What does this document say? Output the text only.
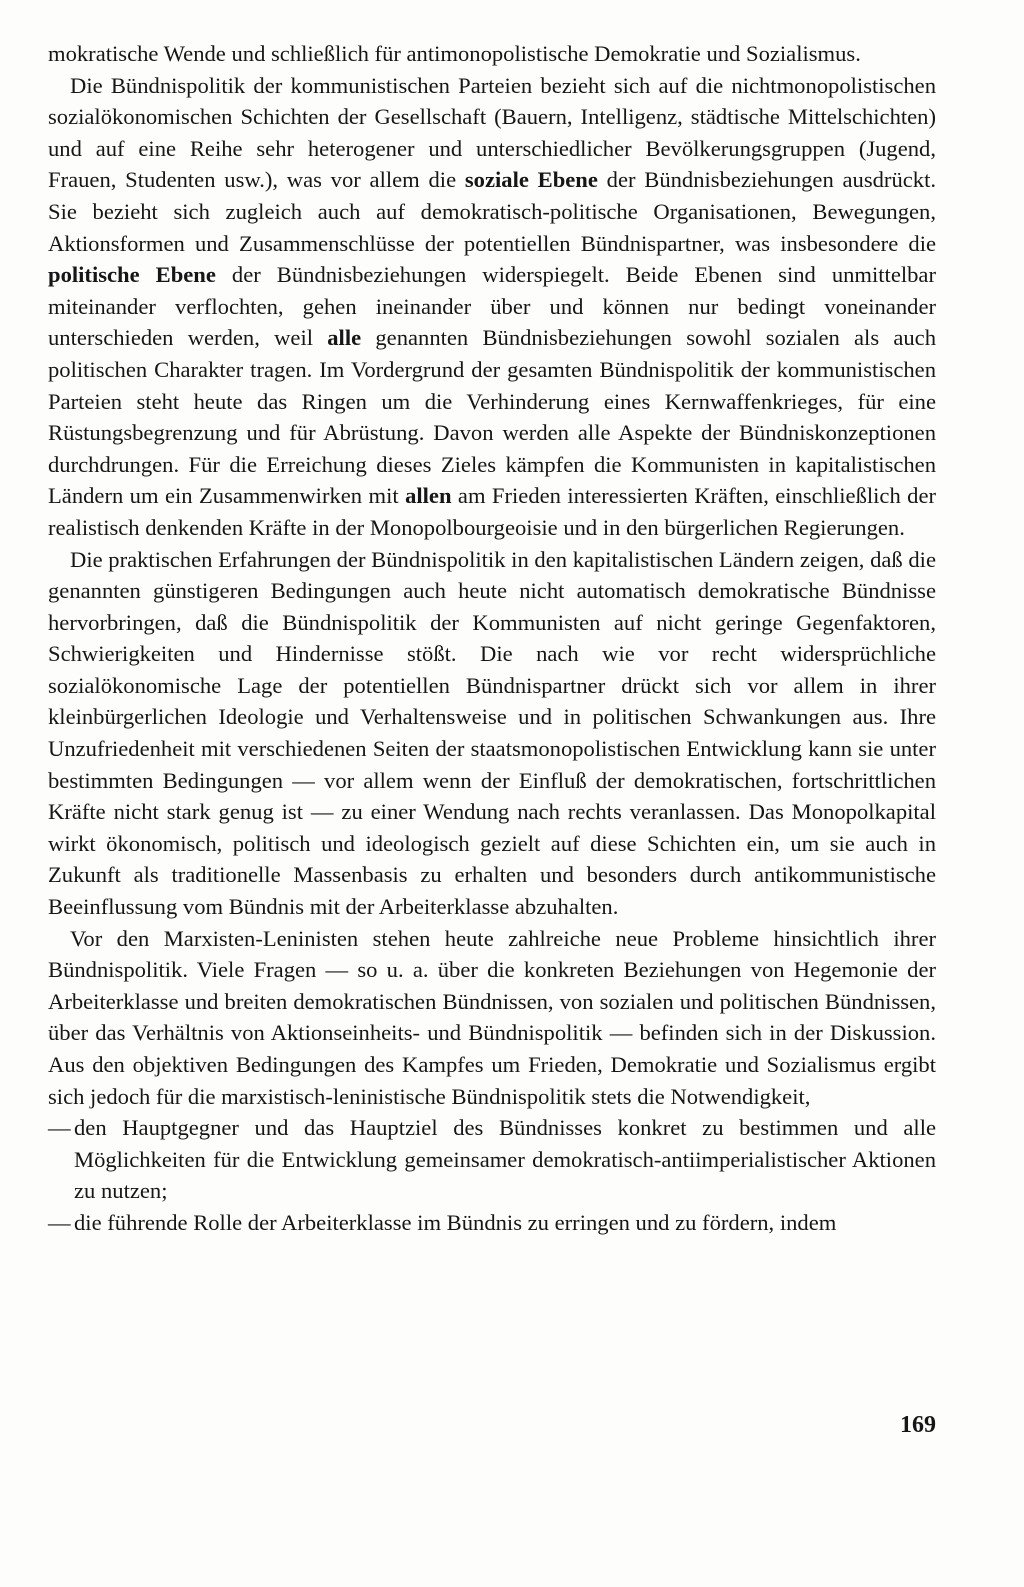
mokratische Wende und schließlich für antimonopolistische Demokratie und Sozialismus.

Die Bündnispolitik der kommunistischen Parteien bezieht sich auf die nichtmonopolistischen sozialökonomischen Schichten der Gesellschaft (Bauern, Intelligenz, städtische Mittelschichten) und auf eine Reihe sehr heterogener und unterschiedlicher Bevölkerungsgruppen (Jugend, Frauen, Studenten usw.), was vor allem die soziale Ebene der Bündnisbeziehungen ausdrückt. Sie bezieht sich zugleich auch auf demokratisch-politische Organisationen, Bewegungen, Aktionsformen und Zusammenschlüsse der potentiellen Bündnispartner, was insbesondere die politische Ebene der Bündnisbeziehungen widerspiegelt. Beide Ebenen sind unmittelbar miteinander verflochten, gehen ineinander über und können nur bedingt voneinander unterschieden werden, weil alle genannten Bündnisbeziehungen sowohl sozialen als auch politischen Charakter tragen. Im Vordergrund der gesamten Bündnispolitik der kommunistischen Parteien steht heute das Ringen um die Verhinderung eines Kernwaffenkrieges, für eine Rüstungsbegrenzung und für Abrüstung. Davon werden alle Aspekte der Bündniskonzeptionen durchdrungen. Für die Erreichung dieses Zieles kämpfen die Kommunisten in kapitalistischen Ländern um ein Zusammenwirken mit allen am Frieden interessierten Kräften, einschließlich der realistisch denkenden Kräfte in der Monopolbourgeoisie und in den bürgerlichen Regierungen.

Die praktischen Erfahrungen der Bündnispolitik in den kapitalistischen Ländern zeigen, daß die genannten günstigeren Bedingungen auch heute nicht automatisch demokratische Bündnisse hervorbringen, daß die Bündnispolitik der Kommunisten auf nicht geringe Gegenfaktoren, Schwierigkeiten und Hindernisse stößt. Die nach wie vor recht widersprüchliche sozialökonomische Lage der potentiellen Bündnispartner drückt sich vor allem in ihrer kleinbürgerlichen Ideologie und Verhaltensweise und in politischen Schwankungen aus. Ihre Unzufriedenheit mit verschiedenen Seiten der staatsmonopolistischen Entwicklung kann sie unter bestimmten Bedingungen — vor allem wenn der Einfluß der demokratischen, fortschrittlichen Kräfte nicht stark genug ist — zu einer Wendung nach rechts veranlassen. Das Monopolkapital wirkt ökonomisch, politisch und ideologisch gezielt auf diese Schichten ein, um sie auch in Zukunft als traditionelle Massenbasis zu erhalten und besonders durch antikommunistische Beeinflussung vom Bündnis mit der Arbeiterklasse abzuhalten.

Vor den Marxisten-Leninisten stehen heute zahlreiche neue Probleme hinsichtlich ihrer Bündnispolitik. Viele Fragen — so u. a. über die konkreten Beziehungen von Hegemonie der Arbeiterklasse und breiten demokratischen Bündnissen, von sozialen und politischen Bündnissen, über das Verhältnis von Aktionseinheits- und Bündnispolitik — befinden sich in der Diskussion. Aus den objektiven Bedingungen des Kampfes um Frieden, Demokratie und Sozialismus ergibt sich jedoch für die marxistisch-leninistische Bündnispolitik stets die Notwendigkeit,

— den Hauptgegner und das Hauptziel des Bündnisses konkret zu bestimmen und alle Möglichkeiten für die Entwicklung gemeinsamer demokratisch-antiimperialistischer Aktionen zu nutzen;

— die führende Rolle der Arbeiterklasse im Bündnis zu erringen und zu fördern, indem

169
